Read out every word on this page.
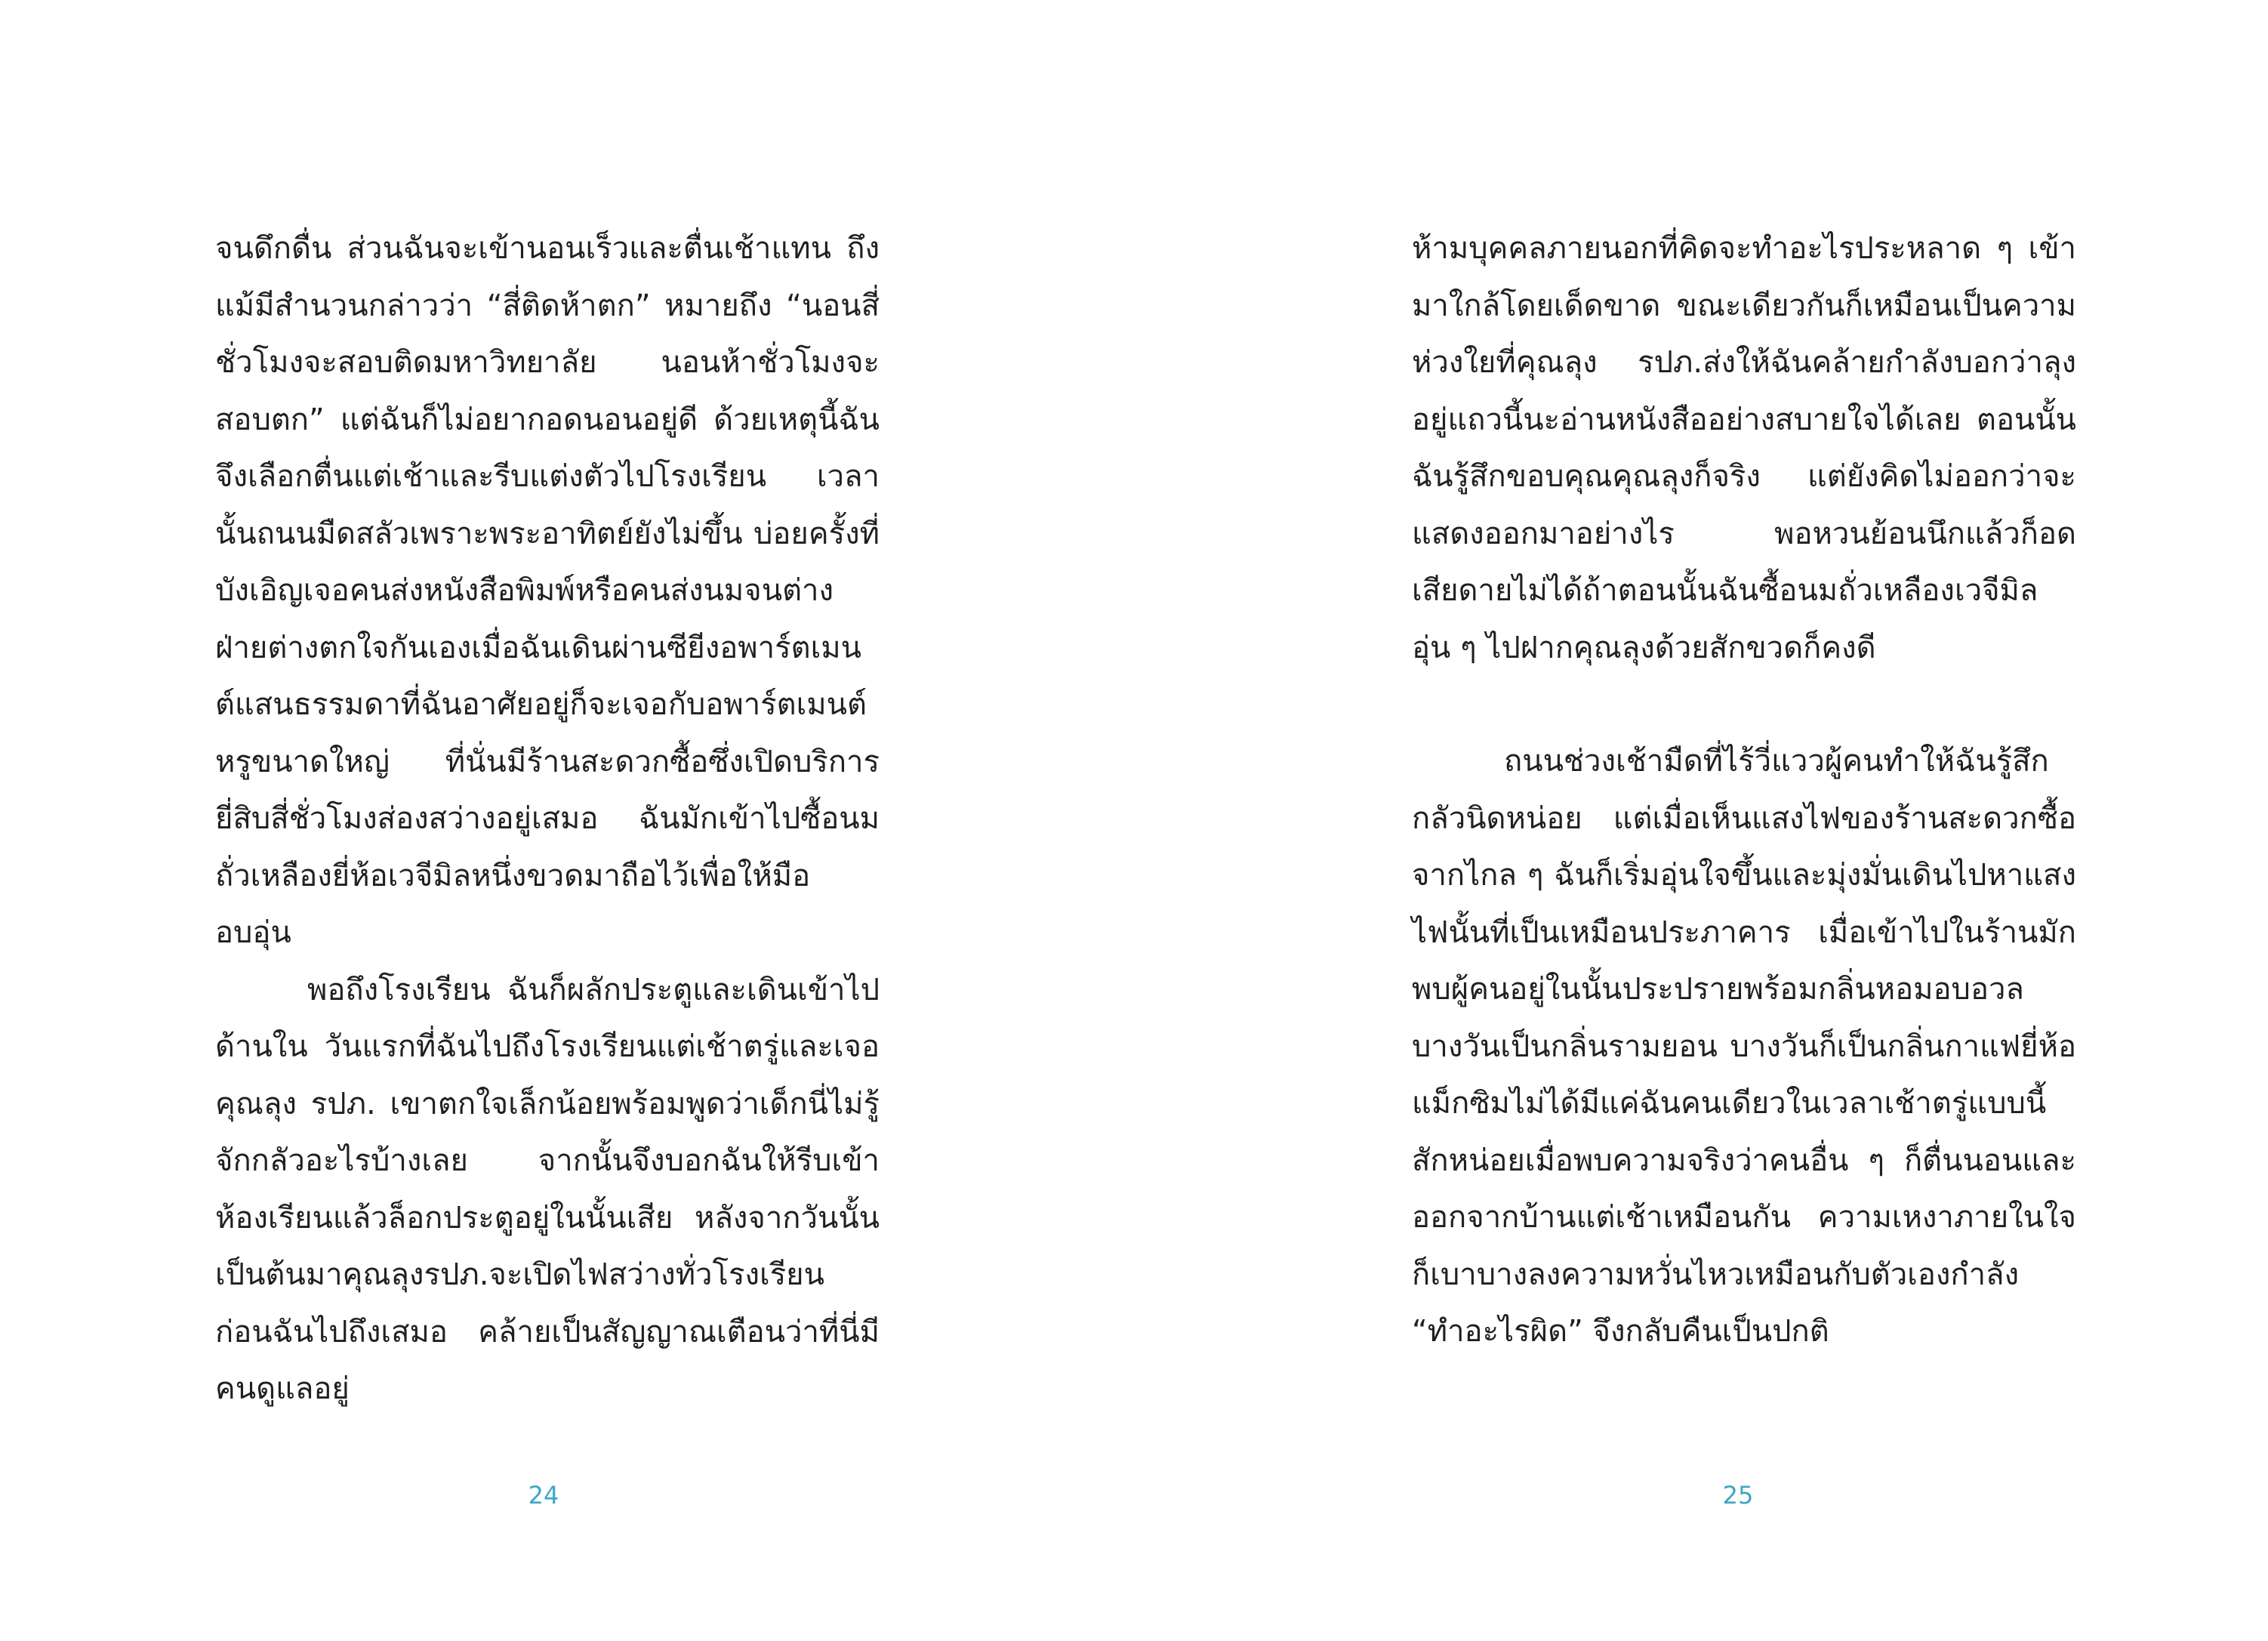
จนดึกดื่น ส่วนฉันจะเข้านอนเร็วและตื่นเช้าแทน ถึงแม้มีสำนวนกล่าวว่า “สี่ติดห้าตก” หมายถึง “นอนสี่ชั่วโมงจะสอบติดมหาวิทยาลัย นอนห้าชั่วโมงจะสอบตก” แต่ฉันก็ไม่อยากอดนอนอยู่ดี ด้วยเหตุนี้ฉันจึงเลือกตื่นแต่เช้าและรีบแต่งตัวไปโรงเรียน เวลานั้นถนนมืดสลัวเพราะพระอาทิตย์ยังไม่ขึ้น บ่อยครั้งที่บังเอิญเจอคนส่งหนังสือพิมพ์หรือคนส่งนมจนต่างฝ่ายต่างตกใจกันเองเมื่อฉันเดินผ่านซียีงอพาร์ตเมนต์แสนธรรมดาที่ฉันอาศัยอยู่ก็จะเจอกับอพาร์ตเมนต์หรูขนาดใหญ่ ที่นั่นมีร้านสะดวกซื้อซึ่งเปิดบริการยี่สิบสี่ชั่วโมงส่องสว่างอยู่เสมอ ฉันมักเข้าไปซื้อนมถั่วเหลืองยี่ห้อเวจีมิลหนึ่งขวดมาถือไว้เพื่อให้มืออบอุ่น

พอถึงโรงเรียน ฉันก็ผลักประตูและเดินเข้าไปด้านใน วันแรกที่ฉันไปถึงโรงเรียนแต่เช้าตรู่และเจอคุณลุง รปภ. เขาตกใจเล็กน้อยพร้อมพูดว่าเด็กนี่ไม่รู้จักกลัวอะไรบ้างเลย จากนั้นจึงบอกฉันให้รีบเข้าห้องเรียนแล้วล็อกประตูอยู่ในนั้นเสีย หลังจากวันนั้นเป็นต้นมาคุณลุงรปภ.จะเปิดไฟสว่างทั่วโรงเรียนก่อนฉันไปถึงเสมอ คล้ายเป็นสัญญาณเตือนว่าที่นี่มีคนดูแลอยู่

24

ห้ามบุคคลภายนอกที่คิดจะทำอะไรประหลาด ๆ เข้ามาใกล้โดยเด็ดขาด ขณะเดียวกันก็เหมือนเป็นความห่วงใยที่คุณลุง รปภ.ส่งให้ฉันคล้ายกำลังบอกว่าลุงอยู่แถวนี้นะอ่านหนังสืออย่างสบายใจได้เลย ตอนนั้นฉันรู้สึกขอบคุณคุณลุงก็จริง แต่ยังคิดไม่ออกว่าจะแสดงออกมาอย่างไร พอหวนย้อนนึกแล้วก็อดเสียดายไม่ได้ถ้าตอนนั้นฉันซื้อนมถั่วเหลืองเวจีมิลอุ่น ๆ ไปฝากคุณลุงด้วยสักขวดก็คงดี

ถนนช่วงเช้ามืดที่ไร้วี่แววผู้คนทำให้ฉันรู้สึกกลัวนิดหน่อย แต่เมื่อเห็นแสงไฟของร้านสะดวกซื้อจากไกล ๆ ฉันก็เริ่มอุ่นใจขึ้นและมุ่งมั่นเดินไปหาแสงไฟนั้นที่เป็นเหมือนประภาคาร เมื่อเข้าไปในร้านมักพบผู้คนอยู่ในนั้นประปรายพร้อมกลิ่นหอมอบอวล บางวันเป็นกลิ่นรามยอน บางวันก็เป็นกลิ่นกาแฟยี่ห้อแม็กซิมไม่ได้มีแค่ฉันคนเดียวในเวลาเช้าตรู่แบบนี้สักหน่อยเมื่อพบความจริงว่าคนอื่น ๆ ก็ตื่นนอนและออกจากบ้านแต่เช้าเหมือนกัน ความเหงาภายในใจก็เบาบางลงความหวั่นไหวเหมือนกับตัวเองกำลัง “ทำอะไรผิด” จึงกลับคืนเป็นปกติ

25
